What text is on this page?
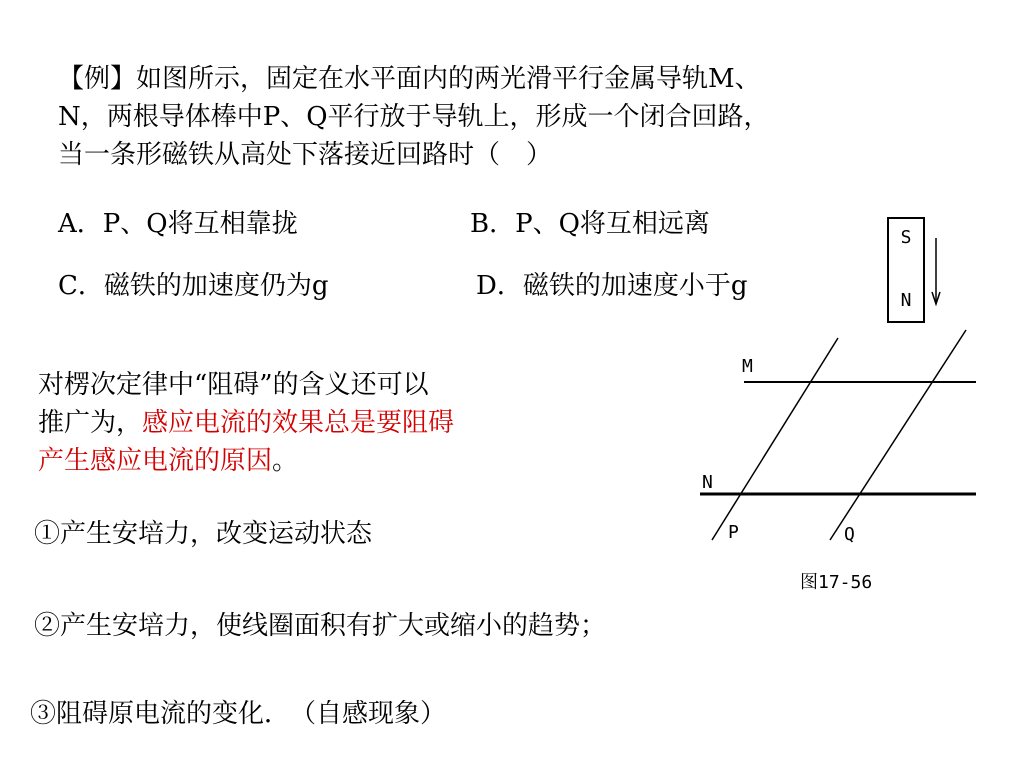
【例】如图所示，固定在水平面内的两光滑平行金属导轨M、
N，两根导体棒中P、Q平行放于导轨上，形成一个闭合回路，
当一条形磁铁从高处下落接近回路时（　）
A．P、Q将互相靠拢	B．P、Q将互相远离
C．磁铁的加速度仍为g	D．磁铁的加速度小于g
对楞次定律中“阻碍”的含义还可以
推广为，感应电流的效果总是要阻碍
产生感应电流的原因。
①产生安培力，改变运动状态
②产生安培力，使线圈面积有扩大或缩小的趋势；
③阻碍原电流的变化．　（自感现象）
S
N
M
N
P	Q
图17-56
